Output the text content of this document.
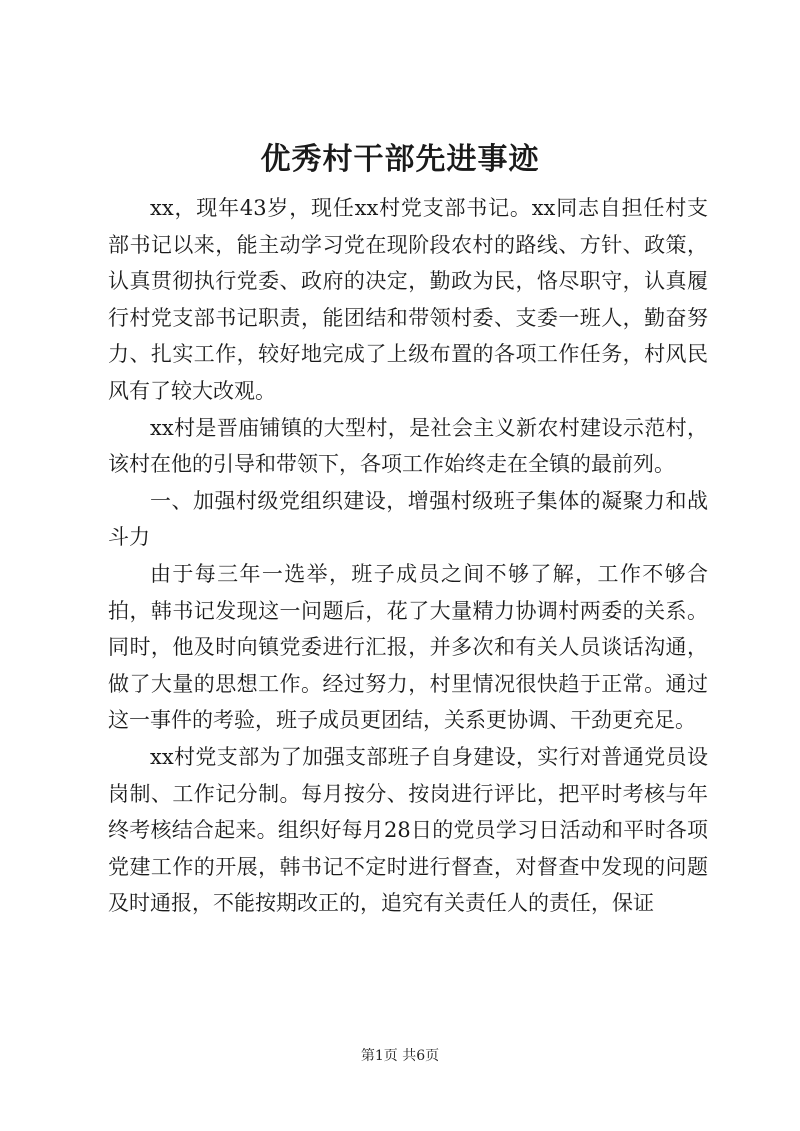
优秀村干部先进事迹

xx，现年43岁，现任xx村党支部书记。xx同志自担任村支部书记以来，能主动学习党在现阶段农村的路线、方针、政策，认真贯彻执行党委、政府的决定，勤政为民，恪尽职守，认真履行村党支部书记职责，能团结和带领村委、支委一班人，勤奋努力、扎实工作，较好地完成了上级布置的各项工作任务，村风民风有了较大改观。

xx村是晋庙铺镇的大型村，是社会主义新农村建设示范村，该村在他的引导和带领下，各项工作始终走在全镇的最前列。

一、加强村级党组织建设，增强村级班子集体的凝聚力和战斗力

由于每三年一选举，班子成员之间不够了解，工作不够合拍，韩书记发现这一问题后，花了大量精力协调村两委的关系。同时，他及时向镇党委进行汇报，并多次和有关人员谈话沟通，做了大量的思想工作。经过努力，村里情况很快趋于正常。通过这一事件的考验，班子成员更团结，关系更协调、干劲更充足。

xx村党支部为了加强支部班子自身建设，实行对普通党员设岗制、工作记分制。每月按分、按岗进行评比，把平时考核与年终考核结合起来。组织好每月28日的党员学习日活动和平时各项党建工作的开展，韩书记不定时进行督查，对督查中发现的问题及时通报，不能按期改正的，追究有关责任人的责任，保证

第1页 共6页
